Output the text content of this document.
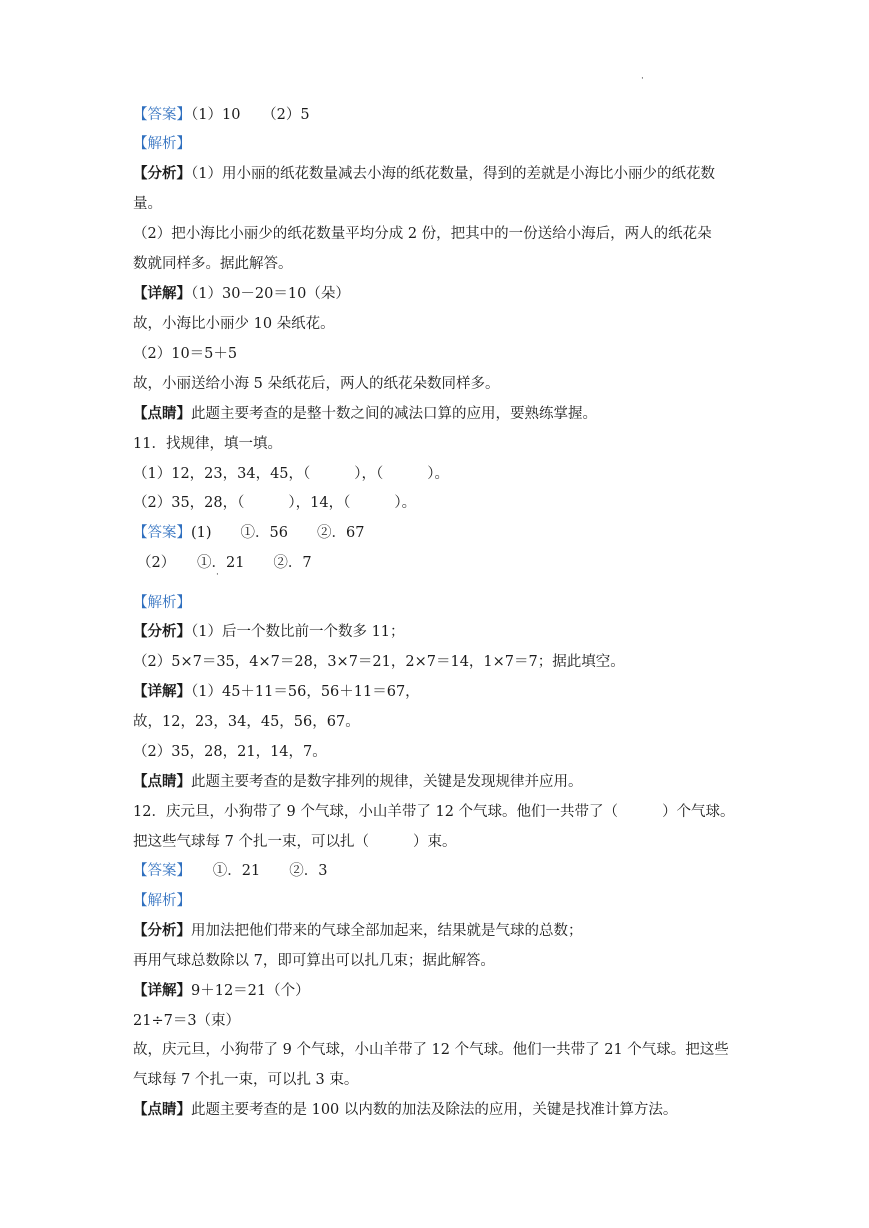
·
【答案】（1）10　　（2）5
【解析】
【分析】（1）用小丽的纸花数量减去小海的纸花数量，得到的差就是小海比小丽少的纸花数
量。
（2）把小海比小丽少的纸花数量平均分成 2 份，把其中的一份送给小海后，两人的纸花朵
数就同样多。据此解答。
【详解】（1）30－20＝10（朵）
故，小海比小丽少 10 朵纸花。
（2）10＝5＋5
故，小丽送给小海 5 朵纸花后，两人的纸花朵数同样多。
【点睛】此题主要考查的是整十数之间的减法口算的应用，要熟练掌握。
11．找规律，填一填。
（1）12，23，34，45，（	），（	）。
（2）35，28，（	），14，（	）。
【答案】(1)　　①．56　　②．67
（2）　　①．21　　②．7
·
【解析】
【分析】（1）后一个数比前一个数多 11；
（2）5×7＝35，4×7＝28，3×7＝21，2×7＝14，1×7＝7；据此填空。
【详解】（1）45＋11＝56，56＋11＝67，
故，12，23，34，45，56，67。
（2）35，28，21，14，7。
【点睛】此题主要考查的是数字排列的规律，关键是发现规律并应用。
12．庆元旦，小狗带了 9 个气球，小山羊带了 12 个气球。他们一共带了（	）个气球。
把这些气球每 7 个扎一束，可以扎（	）束。
【答案】　　①．21　　②．3
【解析】
【分析】用加法把他们带来的气球全部加起来，结果就是气球的总数；
再用气球总数除以 7，即可算出可以扎几束；据此解答。
【详解】9＋12＝21（个）
21÷7＝3（束）
故，庆元旦，小狗带了 9 个气球，小山羊带了 12 个气球。他们一共带了 21 个气球。把这些
气球每 7 个扎一束，可以扎 3 束。
【点睛】此题主要考查的是 100 以内数的加法及除法的应用，关键是找准计算方法。
